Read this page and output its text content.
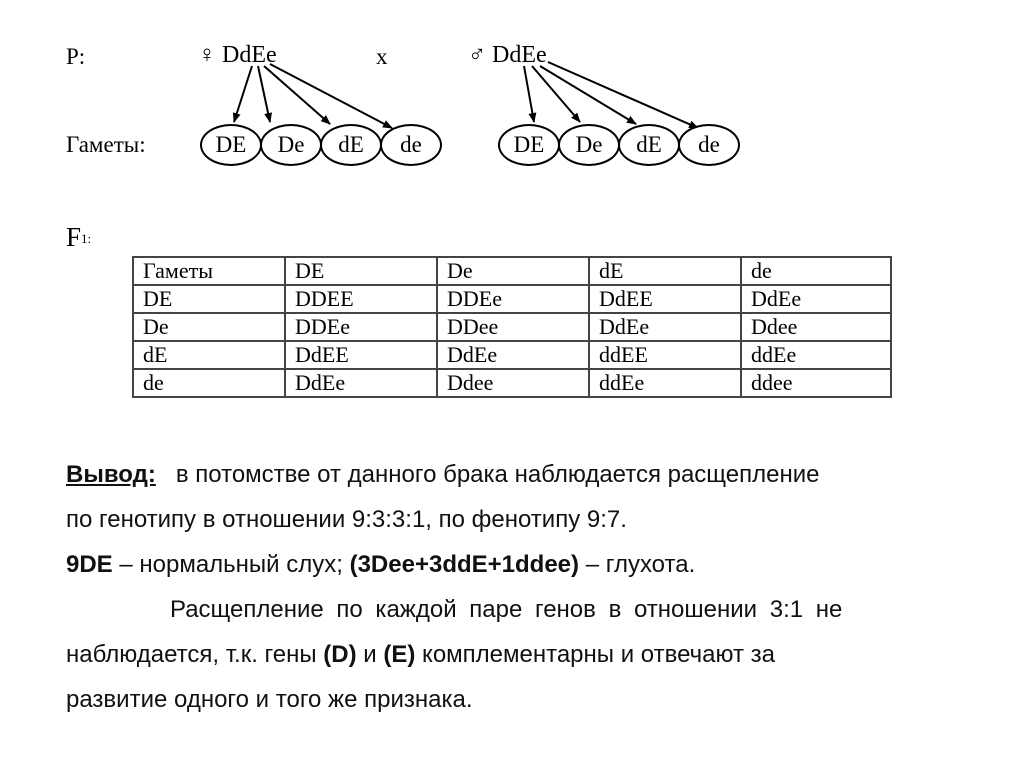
P:	♀ DdEe	x	♂ DdEe
Гаметы:	DE	De	dE	de	DE	De	dE	de
$F_{1:}$
Гаметы	DE	De	dE	de
DE	DDEE	DDEe	DdEE	DdEe
De	DDEe	DDee	DdEe	Ddee
dE	DdEE	DdEe	ddEE	ddEe
de	DdEe	Ddee	ddEe	ddee

Вывод: в потомстве от данного брака наблюдается расщепление

по генотипу в отношении 9:3:3:1, по фенотипу 9:7.

9DE – нормальный слух; (3Dee+3ddE+1ddee) – глухота.

Расщепление по каждой паре генов в отношении 3:1 не

наблюдается, т.к. гены (D) и (E) комплементарны и отвечают за

развитие одного и того же признака.
